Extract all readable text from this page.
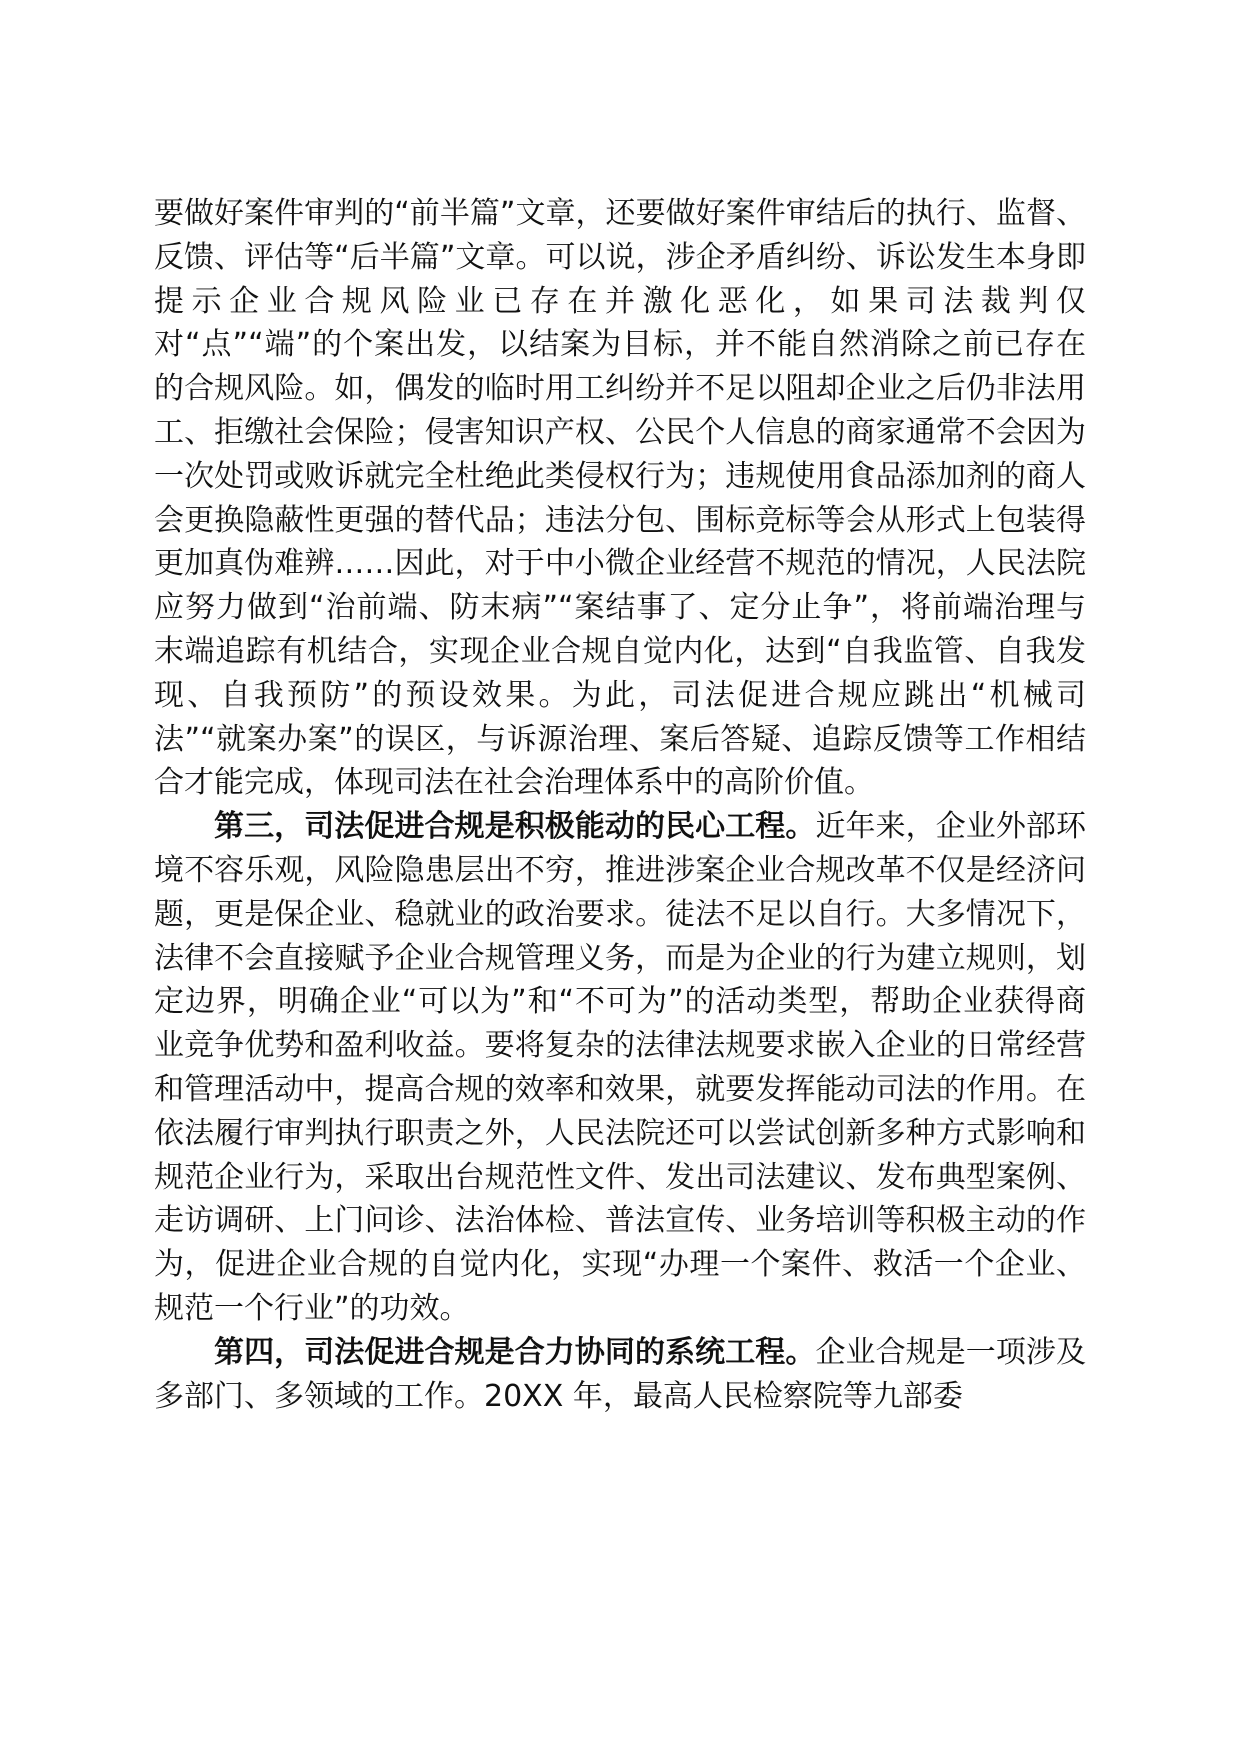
要做好案件审判的“前半篇”文章，还要做好案件审结后的执行、监督、反馈、评估等“后半篇”文章。可以说，涉企矛盾纠纷、诉讼发生本身即提示企业合规风险业已存在并激化恶化，如果司法裁判仅对“点”“端”的个案出发，以结案为目标，并不能自然消除之前已存在的合规风险。如，偶发的临时用工纠纷并不足以阻却企业之后仍非法用工、拒缴社会保险；侵害知识产权、公民个人信息的商家通常不会因为一次处罚或败诉就完全杜绝此类侵权行为；违规使用食品添加剂的商人会更换隐蔽性更强的替代品；违法分包、围标竞标等会从形式上包装得更加真伪难辨……因此，对于中小微企业经营不规范的情况，人民法院应努力做到“治前端、防末病”“案结事了、定分止争”，将前端治理与末端追踪有机结合，实现企业合规自觉内化，达到“自我监管、自我发现、自我预防”的预设效果。为此，司法促进合规应跳出“机械司法”“就案办案”的误区，与诉源治理、案后答疑、追踪反馈等工作相结合才能完成，体现司法在社会治理体系中的高阶价值。

第三，司法促进合规是积极能动的民心工程。近年来，企业外部环境不容乐观，风险隐患层出不穷，推进涉案企业合规改革不仅是经济问题，更是保企业、稳就业的政治要求。徒法不足以自行。大多情况下，法律不会直接赋予企业合规管理义务，而是为企业的行为建立规则，划定边界，明确企业“可以为”和“不可为”的活动类型，帮助企业获得商业竞争优势和盈利收益。要将复杂的法律法规要求嵌入企业的日常经营和管理活动中，提高合规的效率和效果，就要发挥能动司法的作用。在依法履行审判执行职责之外，人民法院还可以尝试创新多种方式影响和规范企业行为，采取出台规范性文件、发出司法建议、发布典型案例、走访调研、上门问诊、法治体检、普法宣传、业务培训等积极主动的作为，促进企业合规的自觉内化，实现“办理一个案件、救活一个企业、规范一个行业”的功效。

第四，司法促进合规是合力协同的系统工程。企业合规是一项涉及多部门、多领域的工作。20XX 年，最高人民检察院等九部委
